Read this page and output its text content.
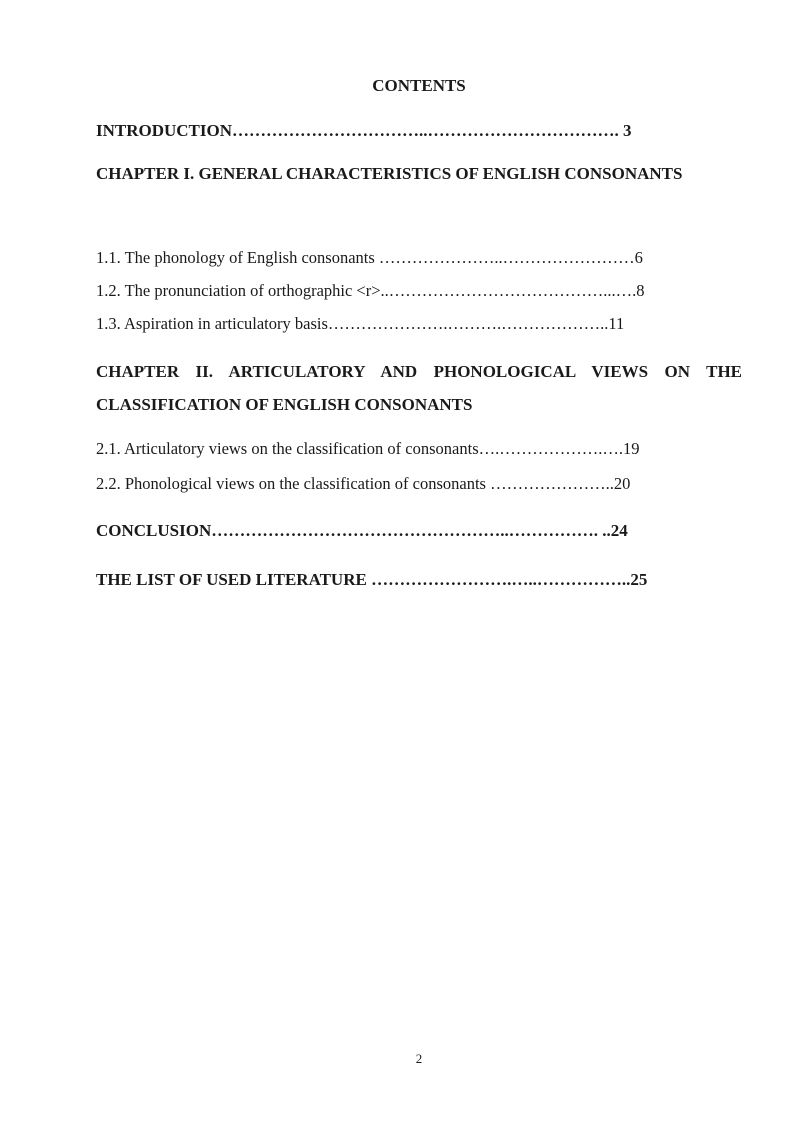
CONTENTS
INTRODUCTION……………………………..……………………………. 3
CHAPTER I. GENERAL CHARACTERISTICS OF ENGLISH CONSONANTS
1.1. The phonology of English consonants …………………..……………………6
1.2. The pronunciation of orthographic <r>..…………………………………...….8
1.3. Aspiration in articulatory basis………………….……….………………..11
CHAPTER II. ARTICULATORY AND PHONOLOGICAL VIEWS ON THE CLASSIFICATION OF ENGLISH CONSONANTS
2.1. Articulatory views on the classification of consonants….……………….….19
2.2. Phonological views on the classification of consonants …………………..20
CONCLUSION……………………………………………..……………. ..24
THE LIST OF USED LITERATURE …………………….…..……………..25
2
